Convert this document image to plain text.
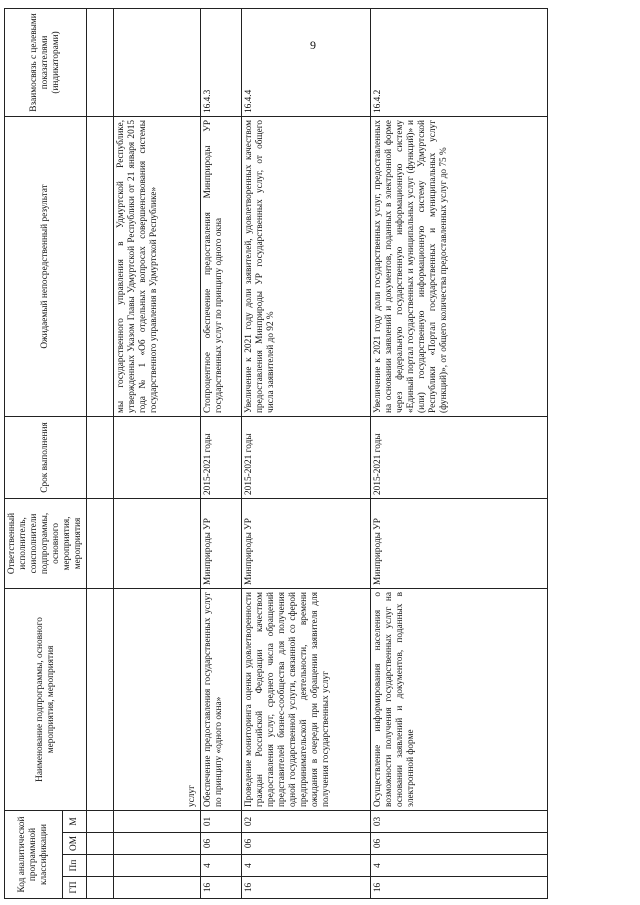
9
Код аналитической программной классификации				Наименование подпрограммы, основного мероприятия, мероприятия	Ответственный исполнитель, соисполнители подпрограммы, основного мероприятия, мероприятия	Срок выполнения	Ожидаемый непосредственный результат	Взаимосвязь с целевыми показателями (индикаторами)
ГП	Пп	ОМ	М					

				услуг			мы государственного управления в Удмуртской Республике, утвержденных Указом Главы Удмуртской Республики от 21 января 2015 года № 1 «Об отдельных вопросах совершенствования системы государственного управления в Удмуртской Республике»	
16	4	06	01	Обеспечение предоставления государственных услуг по принципу «одного окна»	Минприроды УР	2015-2021 годы	Стопроцентное обеспечение предоставления Минприроды УР государственных услуг по принципу одного окна	16.4.3
16	4	06	02	Проведение мониторинга оценки удовлетворенности граждан Российской Федерации качеством предоставления услуг, среднего числа обращений представителей бизнес-сообщества для получения одной государственной услуги, связанной со сферой предпринимательской деятельности, времени ожидания в очереди при обращении заявителя для получения государственных услуг	Минприроды УР	2015-2021 годы	Увеличение к 2021 году доли заявителей, удовлетворенных качеством предоставления Минприроды УР государственных услуг, от общего числа заявителей до 92 %	16.4.4
16	4	06	03	Осуществление информирования населения о возможности получения государственных услуг на основании заявлений и документов, поданных в электронной форме	Минприроды УР	2015-2021 годы	Увеличение к 2021 году доли государственных услуг, предоставленных на основании заявлений и документов, поданных в электронной форме через федеральную государственную информационную систему «Единый портал государственных и муниципальных услуг (функций)» и (или) государственную информационную систему Удмуртской Республики «Портал государственных и муниципальных услуг (функций)», от общего количества предоставленных услуг до 75 %	16.4.2
